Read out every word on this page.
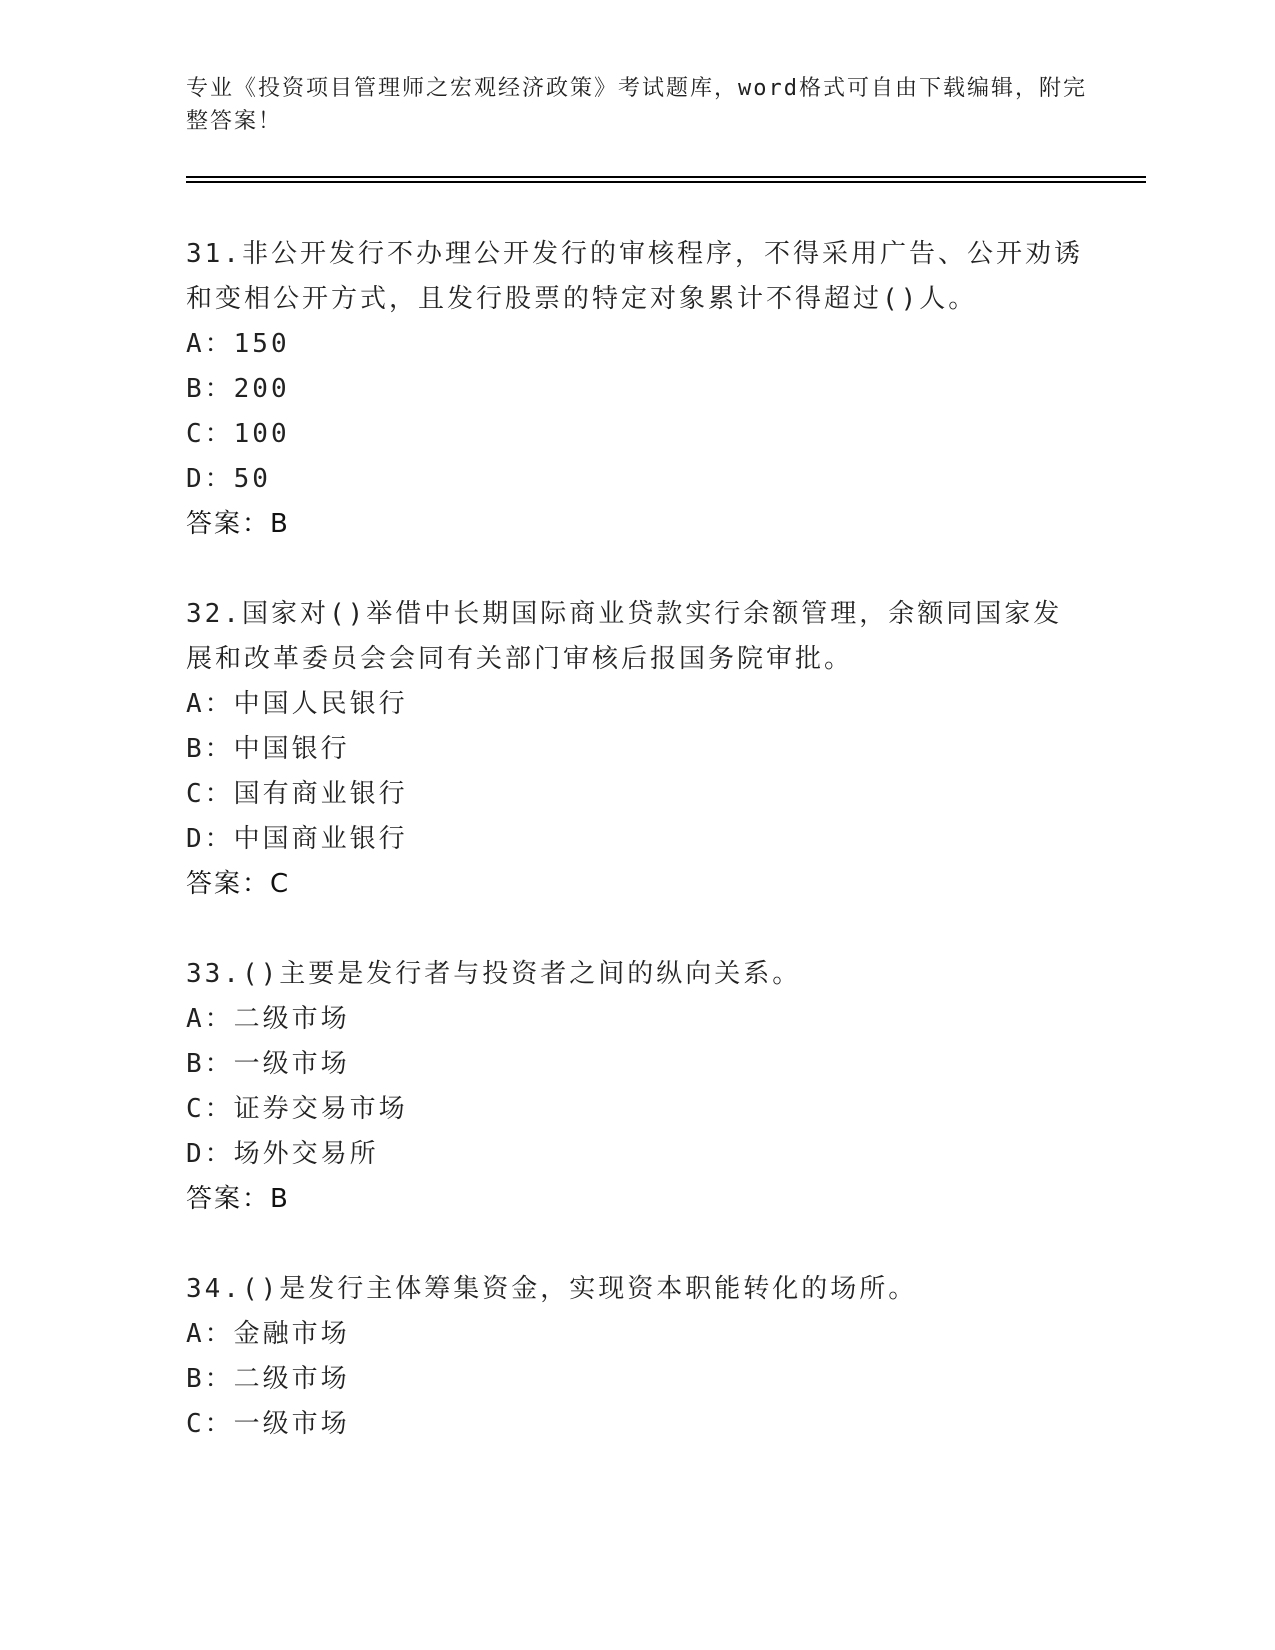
专业《投资项目管理师之宏观经济政策》考试题库，word格式可自由下载编辑，附完整答案！

31.非公开发行不办理公开发行的审核程序，不得采用广告、公开劝诱和变相公开方式，且发行股票的特定对象累计不得超过()人。

A：150

B：200

C：100

D：50

答案：B

32.国家对()举借中长期国际商业贷款实行余额管理，余额同国家发展和改革委员会会同有关部门审核后报国务院审批。

A：中国人民银行

B：中国银行

C：国有商业银行

D：中国商业银行

答案：C

33.()主要是发行者与投资者之间的纵向关系。

A：二级市场

B：一级市场

C：证券交易市场

D：场外交易所

答案：B

34.()是发行主体筹集资金，实现资本职能转化的场所。

A：金融市场

B：二级市场

C：一级市场
